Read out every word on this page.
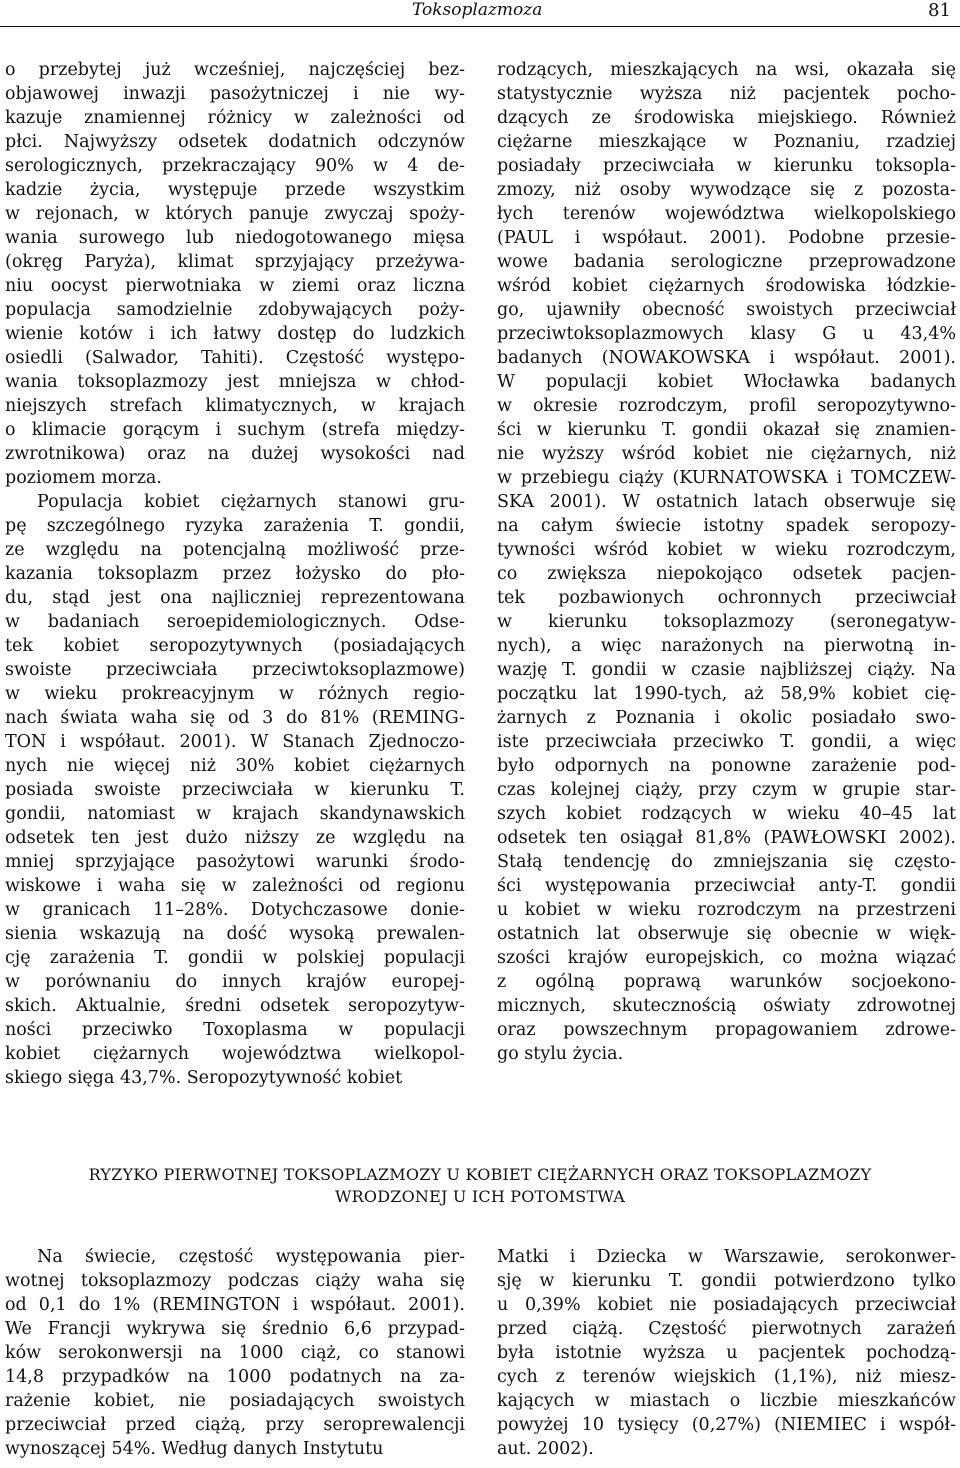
Toksoplazmoza	81
o przebytej już wcześniej, najczęściej bez-
objawowej inwazji pasożytniczej i nie wy-
kazuje znamiennej różnicy w zależności od
płci. Najwyższy odsetek dodatnich odczynów
serologicznych, przekraczający 90% w 4 de-
kadzie życia, występuje przede wszystkim
w rejonach, w których panuje zwyczaj spoży-
wania surowego lub niedogotowanego mięsa
(okręg Paryża), klimat sprzyjający przeżywa-
niu oocyst pierwotniaka w ziemi oraz liczna
populacja samodzielnie zdobywających poży-
wienie kotów i ich łatwy dostęp do ludzkich
osiedli (Salwador, Tahiti). Częstość występo-
wania toksoplazmozy jest mniejsza w chłod-
niejszych strefach klimatycznych, w krajach
o klimacie gorącym i suchym (strefa między-
zwrotnikowa) oraz na dużej wysokości nad
poziomem morza.
Populacja kobiet ciężarnych stanowi gru-
pę szczególnego ryzyka zarażenia T. gondii,
ze względu na potencjalną możliwość prze-
kazania toksoplazm przez łożysko do pło-
du, stąd jest ona najliczniej reprezentowana
w badaniach seroepidemiologicznych. Odse-
tek kobiet seropozytywnych (posiadających
swoiste przeciwciała przeciwtoksoplazmowe)
w wieku prokreacyjnym w różnych regio-
nach świata waha się od 3 do 81% (REMING-
TON i współaut. 2001). W Stanach Zjednoczo-
nych nie więcej niż 30% kobiet ciężarnych
posiada swoiste przeciwciała w kierunku T.
gondii, natomiast w krajach skandynawskich
odsetek ten jest dużo niższy ze względu na
mniej sprzyjające pasożytowi warunki środo-
wiskowe i waha się w zależności od regionu
w granicach 11–28%. Dotychczasowe donie-
sienia wskazują na dość wysoką prewalen-
cję zarażenia T. gondii w polskiej populacji
w porównaniu do innych krajów europej-
skich. Aktualnie, średni odsetek seropozytyw-
ności przeciwko Toxoplasma w populacji
kobiet ciężarnych województwa wielkopol-
skiego sięga 43,7%. Seropozytywność kobiet
rodzących, mieszkających na wsi, okazała się
statystycznie wyższa niż pacjentek pocho-
dzących ze środowiska miejskiego. Również
ciężarne mieszkające w Poznaniu, rzadziej
posiadały przeciwciała w kierunku toksopla-
zmozy, niż osoby wywodzące się z pozosta-
łych terenów województwa wielkopolskiego
(PAUL i współaut. 2001). Podobne przesie-
wowe badania serologiczne przeprowadzone
wśród kobiet ciężarnych środowiska łódzkie-
go, ujawniły obecność swoistych przeciwciał
przeciwtoksoplazmowych klasy G u 43,4%
badanych (NOWAKOWSKA i współaut. 2001).
W populacji kobiet Włocławka badanych
w okresie rozrodczym, profil seropozytywno-
ści w kierunku T. gondii okazał się znamien-
nie wyższy wśród kobiet nie ciężarnych, niż
w przebiegu ciąży (KURNATOWSKA i TOMCZEW-
SKA 2001). W ostatnich latach obserwuje się
na całym świecie istotny spadek seropozy-
tywności wśród kobiet w wieku rozrodczym,
co zwiększa niepokojąco odsetek pacjen-
tek pozbawionych ochronnych przeciwciał
w kierunku toksoplazmozy (seronegatyw-
nych), a więc narażonych na pierwotną in-
wazję T. gondii w czasie najbliższej ciąży. Na
początku lat 1990-tych, aż 58,9% kobiet cię-
żarnych z Poznania i okolic posiadało swo-
iste przeciwciała przeciwko T. gondii, a więc
było odpornych na ponowne zarażenie pod-
czas kolejnej ciąży, przy czym w grupie star-
szych kobiet rodzących w wieku 40–45 lat
odsetek ten osiągał 81,8% (PAWŁOWSKI 2002).
Stałą tendencję do zmniejszania się często-
ści występowania przeciwciał anty-T. gondii
u kobiet w wieku rozrodczym na przestrzeni
ostatnich lat obserwuje się obecnie w więk-
szości krajów europejskich, co można wiązać
z ogólną poprawą warunków socjoekono-
micznych, skutecznością oświaty zdrowotnej
oraz powszechnym propagowaniem zdrowe-
go stylu życia.
RYZYKO PIERWOTNEJ TOKSOPLAZMOZY U KOBIET CIĘŻARNYCH ORAZ TOKSOPLAZMOZY
WRODZONEJ U ICH POTOMSTWA
Na świecie, częstość występowania pier-
wotnej toksoplazmozy podczas ciąży waha się
od 0,1 do 1% (REMINGTON i współaut. 2001).
We Francji wykrywa się średnio 6,6 przypad-
ków serokonwersji na 1000 ciąż, co stanowi
14,8 przypadków na 1000 podatnych na za-
rażenie kobiet, nie posiadających swoistych
przeciwciał przed ciążą, przy seroprewalencji
wynoszącej 54%. Według danych Instytutu
Matki i Dziecka w Warszawie, serokonwer-
sję w kierunku T. gondii potwierdzono tylko
u 0,39% kobiet nie posiadających przeciwciał
przed ciążą. Częstość pierwotnych zarażeń
była istotnie wyższa u pacjentek pochodzą-
cych z terenów wiejskich (1,1%), niż miesz-
kających w miastach o liczbie mieszkańców
powyżej 10 tysięcy (0,27%) (NIEMIEC i współ-
aut. 2002).
